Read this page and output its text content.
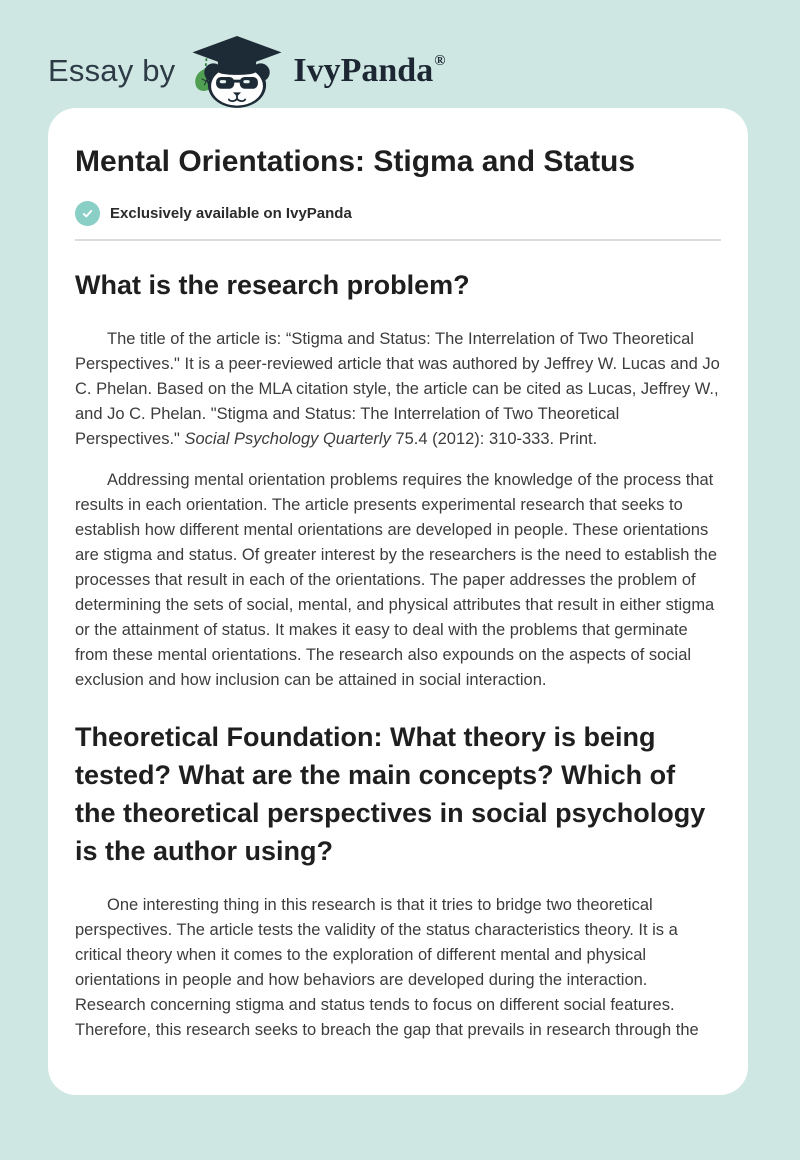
Essay by	IvyPanda®
Mental Orientations: Stigma and Status
Exclusively available on IvyPanda
What is the research problem?

The title of the article is: “Stigma and Status: The Interrelation of Two Theoretical Perspectives." It is a peer-reviewed article that was authored by Jeffrey W. Lucas and Jo C. Phelan. Based on the MLA citation style, the article can be cited as Lucas, Jeffrey W., and Jo C. Phelan. "Stigma and Status: The Interrelation of Two Theoretical Perspectives." Social Psychology Quarterly 75.4 (2012): 310-333. Print.

Addressing mental orientation problems requires the knowledge of the process that results in each orientation. The article presents experimental research that seeks to establish how different mental orientations are developed in people. These orientations are stigma and status. Of greater interest by the researchers is the need to establish the processes that result in each of the orientations. The paper addresses the problem of determining the sets of social, mental, and physical attributes that result in either stigma or the attainment of status. It makes it easy to deal with the problems that germinate from these mental orientations. The research also expounds on the aspects of social exclusion and how inclusion can be attained in social interaction.

Theoretical Foundation: What theory is being tested? What are the main concepts? Which of the theoretical perspectives in social psychology is the author using?

One interesting thing in this research is that it tries to bridge two theoretical perspectives. The article tests the validity of the status characteristics theory. It is a critical theory when it comes to the exploration of different mental and physical orientations in people and how behaviors are developed during the interaction. Research concerning stigma and status tends to focus on different social features. Therefore, this research seeks to breach the gap that prevails in research through the
